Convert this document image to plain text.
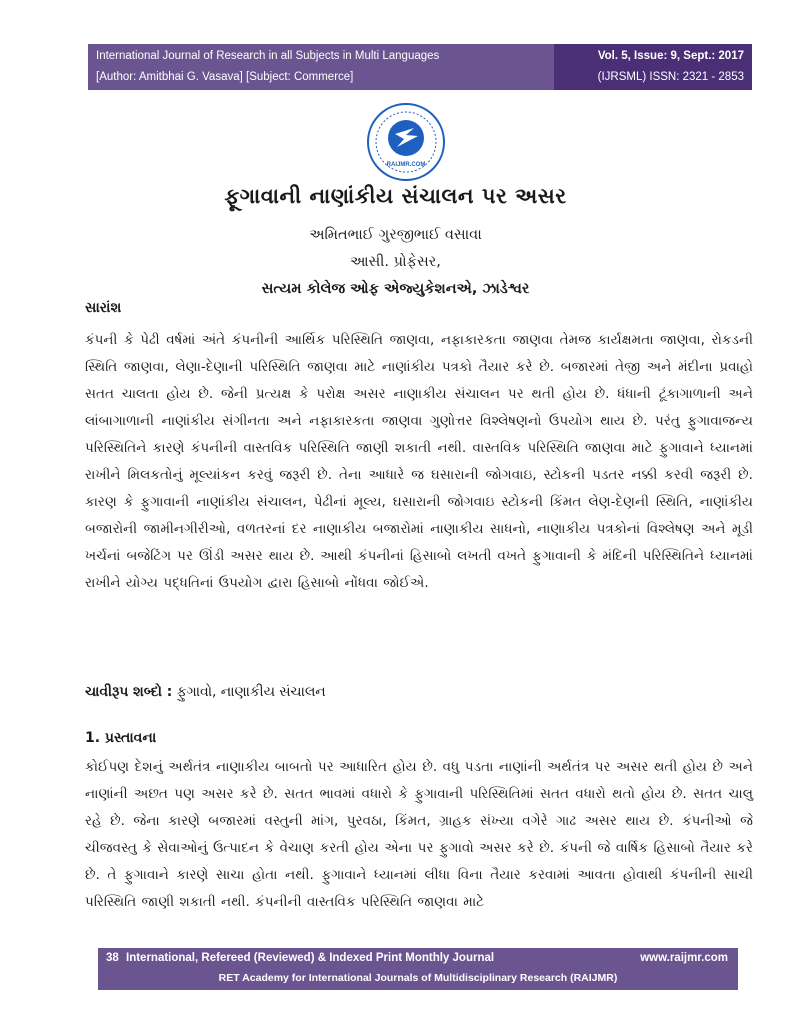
International Journal of Research in all Subjects in Multi Languages
[Author: Amitbhai G. Vasava] [Subject: Commerce]
Vol. 5, Issue: 9, Sept.: 2017
(IJRSML) ISSN: 2321 - 2853
RAIJMR.COM
ફૂગાવાની નાણાંકીય સંચાલન પર અસર
અમિતભાઈ ગુરજીભાઈ વસાવા
આસી. પ્રોફેસર,
સત્યમ કોલેજ ઓફ એજ્યુકેશનએ, ઝાડેશ્વર
સારાંશ

કંપની કે પેઢી વર્ષમાં અંતે કંપનીની આર્થિક પરિસ્થિતિ જાણવા, નફાકારકતા જાણવા તેમજ કાર્યક્ષમતા જાણવા, રોકડની સ્થિતિ જાણવા, લેણા-દેણાની પરિસ્થિતિ જાણવા માટે નાણાંકીય પત્રકો તૈયાર કરે છે. બજારમાં તેજી અને મંદીના પ્રવાહો સતત ચાલતા હોય છે. જેની પ્રત્યક્ષ કે પરોક્ષ અસર નાણાકીય સંચાલન પર થતી હોય છે. ધંધાની ટૂંકાગાળાની અને લાંબાગાળાની નાણાંકીય સંગીનતા અને નફાકારકતા જાણવા ગુણોત્તર વિશ્લેષણનો ઉપયોગ થાય છે. પરંતુ ફુગાવાજન્ય પરિસ્થિતિને કારણે કંપનીની વાસ્તવિક પરિસ્થિતિ જાણી શકાતી નથી. વાસ્તવિક પરિસ્થિતિ જાણવા માટે ફુગાવાને ધ્યાનમાં રાખીને મિલકતોનું મૂલ્યાંકન કરવું જરૂરી છે. તેના આધારે જ ઘસારાની જોગવાઇ, સ્ટોકની પડતર નક્કી કરવી જરૂરી છે. કારણ કે ફુગાવાની નાણાંકીય સંચાલન, પેઢીનાં મૂલ્ય, ઘસારાની જોગવાઇ સ્ટોકની કિંમત લેણ-દેણની સ્થિતિ, નાણાંકીય બજારોની જામીનગીરીઓ, વળતરનાં દર નાણાકીય બજારોમાં નાણાકીય સાધનો, નાણાકીય પત્રકોનાં વિશ્લેષણ અને મૂડી ખર્ચનાં બજેટિંગ પર ઊંડી અસર થાય છે. આથી કંપનીનાં હિસાબો લખતી વખતે ફુગાવાની કે મંદિની પરિસ્થિતિને ધ્યાનમાં રાખીને યોગ્ય પદ્ધતિનાં ઉપયોગ દ્વારા હિસાબો નોંધવા જોઈએ.

ચાવીરૂપ શબ્દો : ફુગાવો, નાણાકીય સંચાલન
1. પ્રસ્તાવના

કોઈપણ દેશનું અર્થતંત્ર નાણાકીય બાબતો પર આધારિત હોય છે. વધુ પડતા નાણાંની અર્થતંત્ર પર અસર થતી હોય છે અને નાણાંની અછત પણ અસર કરે છે. સતત ભાવમાં વધારો કે ફુગાવાની પરિસ્થિતિમાં સતત વધારો થતો હોય છે. સતત ચાલુ રહે છે. જેના કારણે બજારમાં વસ્તુની માંગ, પુરવઠા, કિંમત, ગ્રાહક સંખ્યા વગેરે ગાઢ અસર થાય છે. કંપનીઓ જે ચીજવસ્તુ કે સેવાઓનું ઉત્પાદન કે વેચાણ કરતી હોય એના પર ફુગાવો અસર કરે છે. કંપની જે વાર્ષિક હિસાબો તૈયાર કરે છે. તે ફુગાવાને કારણે સાચા હોતા નથી. ફુગાવાને ધ્યાનમાં લીધા વિના તૈયાર કરવામાં આવતા હોવાથી કંપનીની સાચી પરિસ્થિતિ જાણી શકાતી નથી. કંપનીની વાસ્તવિક પરિસ્થિતિ જાણવા માટે

38 International, Refereed (Reviewed) & Indexed Print Monthly Journal	www.raijmr.com
RET Academy for International Journals of Multidisciplinary Research (RAIJMR)
